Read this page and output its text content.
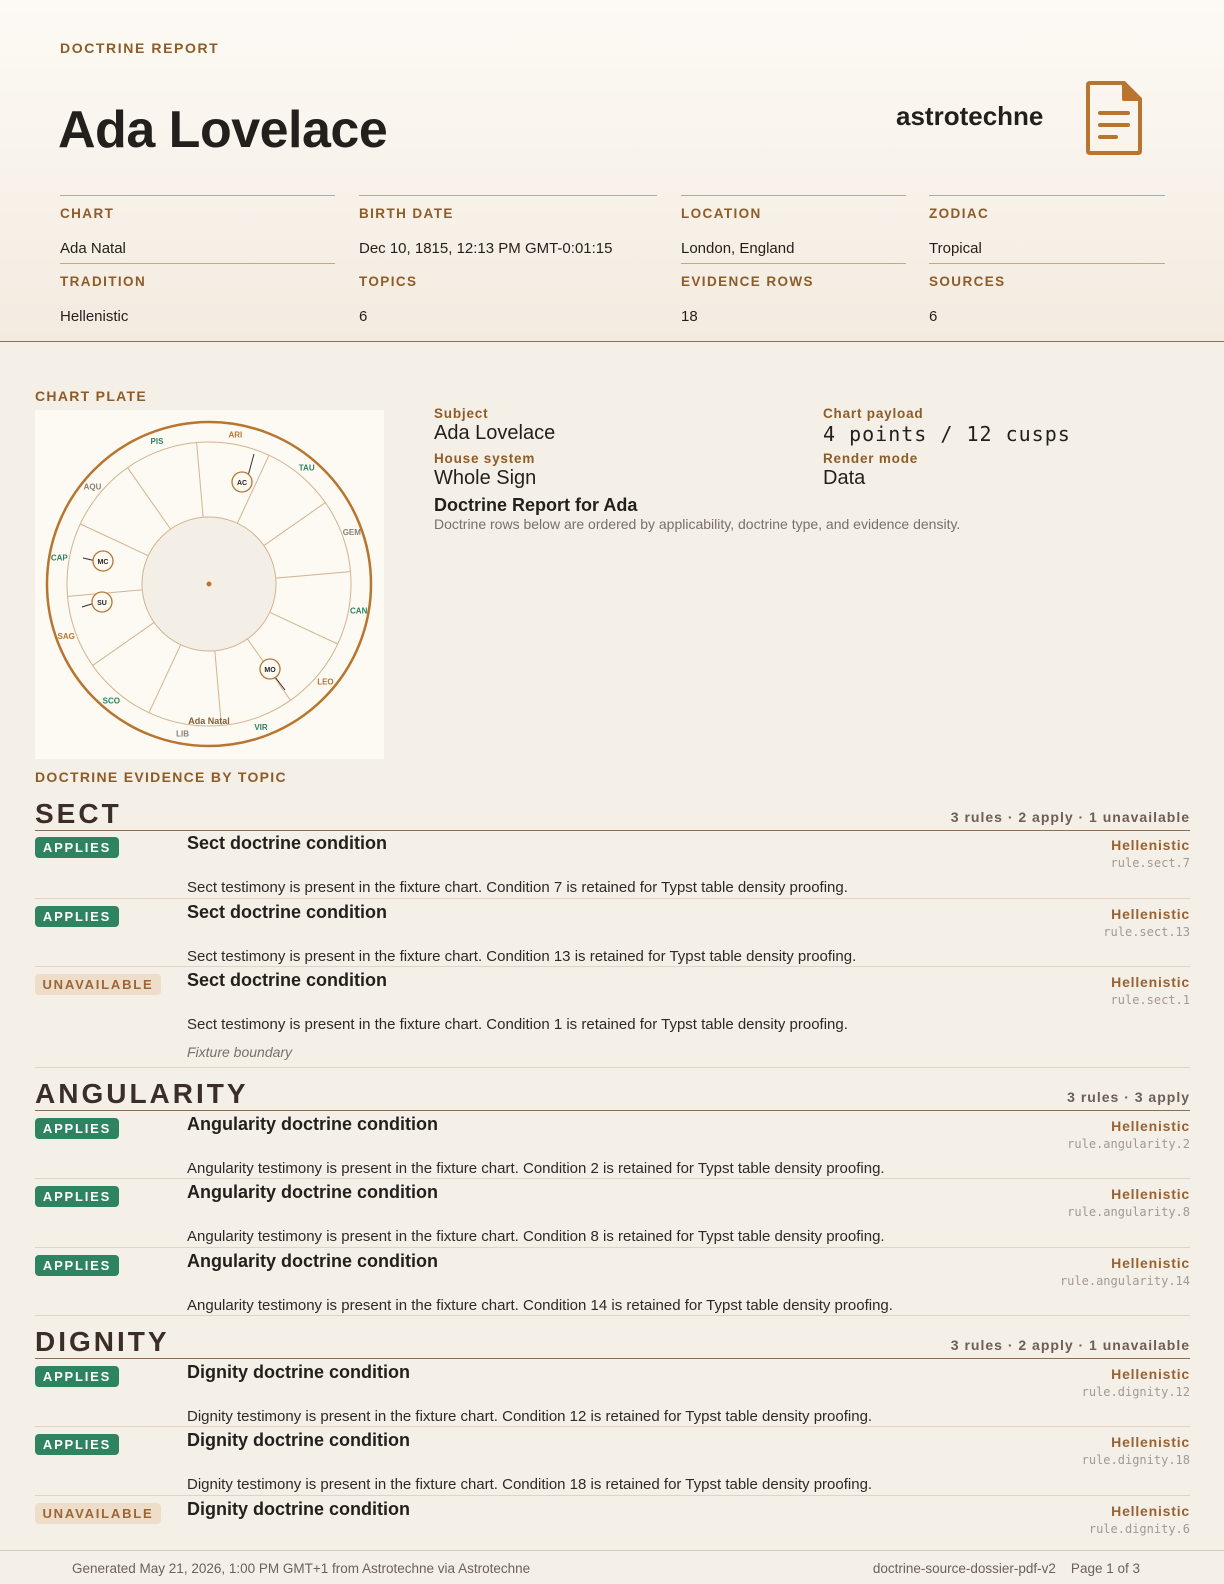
DOCTRINE REPORT
Ada Lovelace	astrotechne
CHART
Ada Natal
BIRTH DATE
Dec 10, 1815, 12:13 PM GMT-0:01:15
LOCATION
London, England
ZODIAC
Tropical
TRADITION
Hellenistic
TOPICS
6
EVIDENCE ROWS
18
SOURCES
6
CHART PLATE
PIS
ARI
TAU
GEM
CAN
LEO
VIR
LIB
SCO
SAG
CAP
AQU	AC
MC
SU
MO
Ada Natal
Subject
Ada Lovelace
Chart payload
4 points / 12 cusps
House system
Whole Sign
Render mode
Data
Doctrine Report for Ada
Doctrine rows below are ordered by applicability, doctrine type, and evidence density.
DOCTRINE EVIDENCE BY TOPIC
SECT	3 rules · 2 apply · 1 unavailable
APPLIES	Sect doctrine condition	Hellenistic
rule.sect.7
Sect testimony is present in the fixture chart. Condition 7 is retained for Typst table density proofing.
APPLIES	Sect doctrine condition	Hellenistic
rule.sect.13
Sect testimony is present in the fixture chart. Condition 13 is retained for Typst table density proofing.
UNAVAILABLE	Sect doctrine condition	Hellenistic
rule.sect.1
Sect testimony is present in the fixture chart. Condition 1 is retained for Typst table density proofing.
Fixture boundary
ANGULARITY	3 rules · 3 apply
APPLIES	Angularity doctrine condition	Hellenistic
rule.angularity.2
Angularity testimony is present in the fixture chart. Condition 2 is retained for Typst table density proofing.
APPLIES	Angularity doctrine condition	Hellenistic
rule.angularity.8
Angularity testimony is present in the fixture chart. Condition 8 is retained for Typst table density proofing.
APPLIES	Angularity doctrine condition	Hellenistic
rule.angularity.14
Angularity testimony is present in the fixture chart. Condition 14 is retained for Typst table density proofing.
DIGNITY	3 rules · 2 apply · 1 unavailable
APPLIES	Dignity doctrine condition	Hellenistic
rule.dignity.12
Dignity testimony is present in the fixture chart. Condition 12 is retained for Typst table density proofing.
APPLIES	Dignity doctrine condition	Hellenistic
rule.dignity.18
Dignity testimony is present in the fixture chart. Condition 18 is retained for Typst table density proofing.
UNAVAILABLE	Dignity doctrine condition	Hellenistic
rule.dignity.6
Generated May 21, 2026, 1:00 PM GMT+1 from Astrotechne via Astrotechne	doctrine-source-dossier-pdf-v2    Page 1 of 3
